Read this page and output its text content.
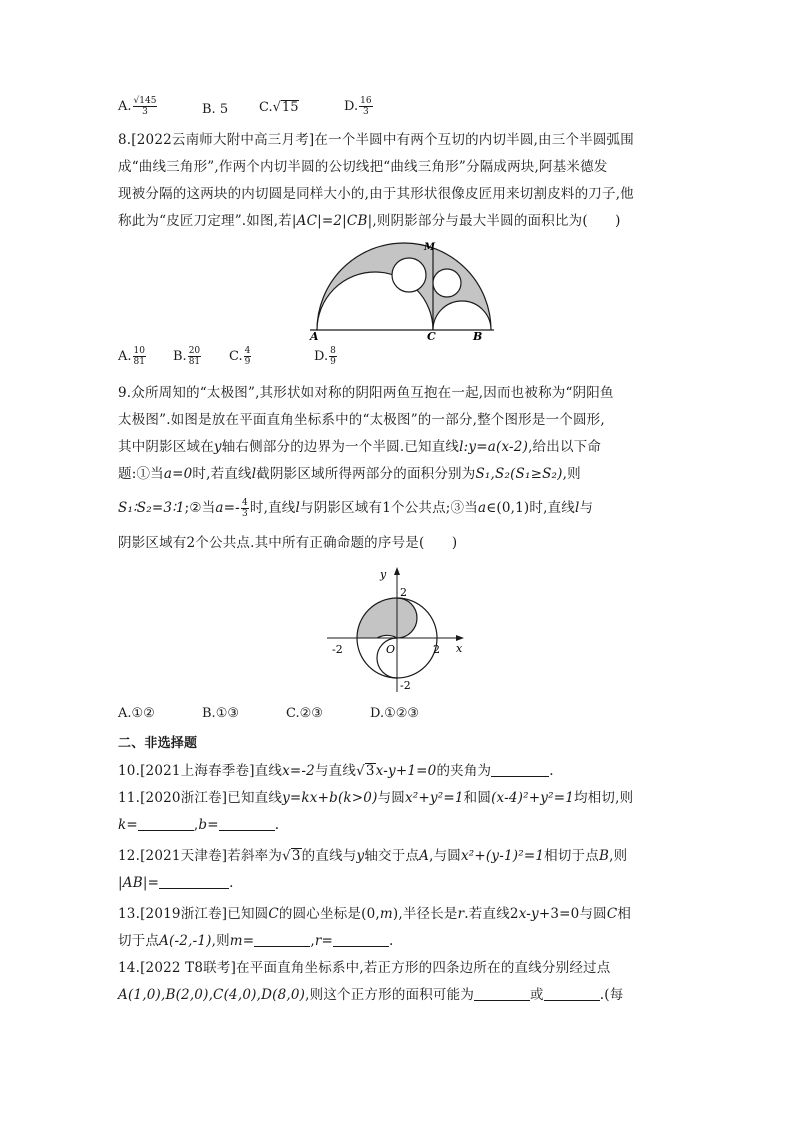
A. $\frac{√145}{3}$	B. 5 C.√15	D. $\frac{16}{3}$
8.[2022云南师大附中高三月考]在一个半圆中有两个互切的内切半圆,由三个半圆弧围
成“曲线三角形”,作两个内切半圆的公切线把“曲线三角形”分隔成两块,阿基米德发
现被分隔的这两块的内切圆是同样大小的,由于其形状很像皮匠用来切割皮料的刀子,他
称此为“皮匠刀定理”.如图,若|AC|=2|CB|,则阴影部分与最大半圆的面积比为(　　)
A	C	B
M
A. $\frac{10}{81} B$. $\frac{20}{81} C$. $\frac{4}{9}$	D. $\frac{8}{9}$
9.众所周知的“太极图”,其形状如对称的阴阳两鱼互抱在一起,因而也被称为“阴阳鱼
太极图”.如图是放在平面直角坐标系中的“太极图”的一部分,整个图形是一个圆形,
其中阴影区域在y轴右侧部分的边界为一个半圆.已知直线l:y=a(x-2),给出以下命
题:①当a=0时,若直线l截阴影区域所得两部分的面积分别为S₁,S₂(S₁≥S₂),则
S₁∶S₂=3∶1;②当$a=- \frac{4}{3}$ 时,直线l与阴影区域有1个公共点;③当a∈(0,1)时,直线l与
阴影区域有2个公共点.其中所有正确命题的序号是(　　)
y
x
2
2
-2
-2
O
A.①②	B.①③	C.②③	D.①②③
二、非选择题
10.[2021上海春季卷]直线x=-2与直线√3x-y+1=0的夹角为	.
11.[2020浙江卷]已知直线y=kx+b(k>0)与圆x²+y²=1和圆(x-4)²+y²=1均相切,则
k=	,b=	.
12.[2021天津卷]若斜率为√3的直线与y轴交于点A,与圆x²+(y-1)²=1相切于点B,则
|AB|=	.
13.[2019浙江卷]已知圆C的圆心坐标是(0,m),半径长是r.若直线2x-y+3=0与圆C相
切于点A(-2,-1),则m=	,r=	.
14.[2022 T8联考]在平面直角坐标系中,若正方形的四条边所在的直线分别经过点
A(1,0),B(2,0),C(4,0),D(8,0),则这个正方形的面积可能为	或	.(每
